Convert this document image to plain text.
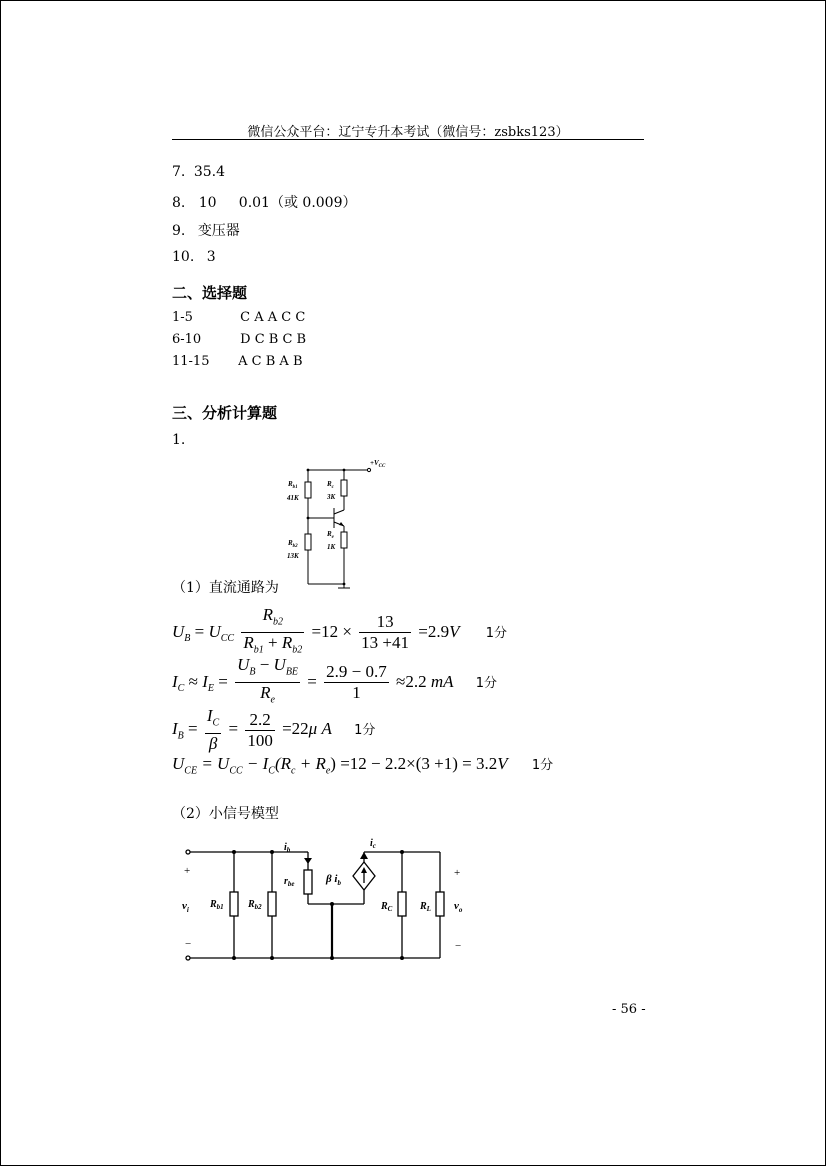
微信公众平台：辽宁专升本考试（微信号：zsbks123）
7. 35.4
8. 10     0.01（或 0.009）
9. 变压器
10. 3
二、选择题
1-5	C A A C C
6-10	D C B C B
11-15 A C B A B
三、分析计算题
1.
$+V_{CC}$
$R_{b1}$
41K
$R_{b2}$
13K
$R_c$
3K
$R_e$
1K
（1）直流通路为
$U_B = U_{CC} \frac{R_{b2}}{R_{b1} + R_{b2}} =12 \times \frac{13}{13 +41} =2.9V$ 1分
$I_C \approx I_E = \frac{U_B - U_{BE}}{R_e} = \frac{2.9 - 0.7}{1} \approx 2.2$ mA 1分
$I_B = \frac{I_C}{\beta} = \frac{2.2}{100} =22\mu$ A 1分
$U_{CE} = U_{CC} - I_C(R_c + R_e) =12 - 2.2\times(3 +1) = 3.2V$ 1分
（2）小信号模型
+
−
+
−
$v_i$ $R_{b1}$ $R_{b2}$
$r_{be}$
$i_b$
β $i_b$
$i_c$
$R_C$	$R_L$ $v_o$
- 56 -
